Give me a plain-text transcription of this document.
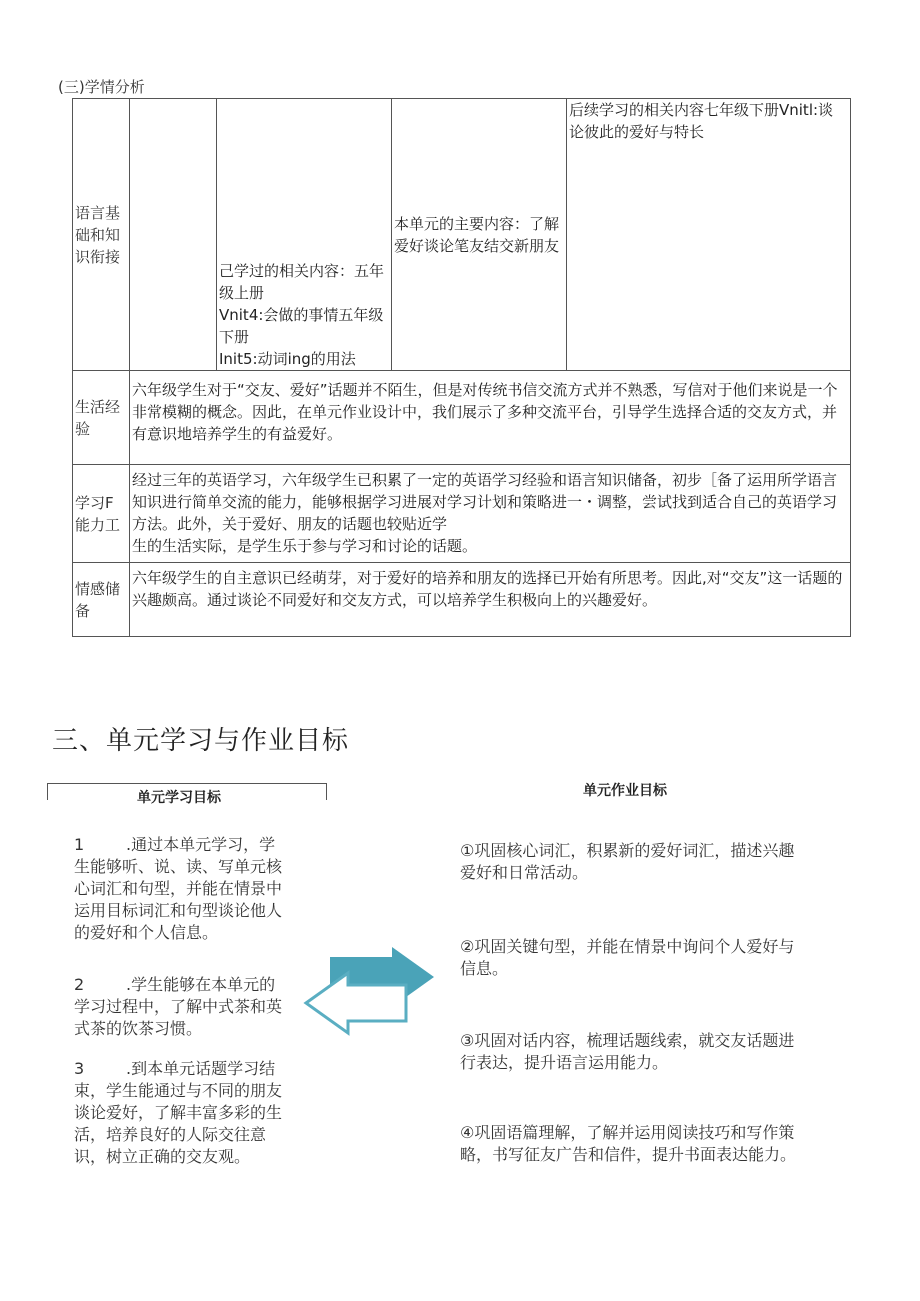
(三)学情分析
语言基础和知识衔接		己学过的相关内容：五年级上册
Vnit4:会做的事情五年级下册
Init5:动词ing的用法	本单元的主要内容：了解爱好谈论笔友结交新朋友	后续学习的相关内容七年级下册Vnitl:谈论彼此的爱好与特长
生活经验	六年级学生对于“交友、爱好”话题并不陌生，但是对传统书信交流方式并不熟悉，写信对于他们来说是一个非常模糊的概念。因此，在单元作业设计中，我们展示了多种交流平台，引导学生选择合适的交友方式，并有意识地培养学生的有益爱好。			
学习F能力工	经过三年的英语学习，六年级学生已积累了一定的英语学习经验和语言知识储备，初步［备了运用所学语言知识进行简单交流的能力，能够根据学习进展对学习计划和策略进一・调整，尝试找到适合自己的英语学习方法。此外，关于爱好、朋友的话题也较贴近学
生的生活实际，是学生乐于参与学习和讨论的话题。			

情感储备	六年级学生的自主意识已经萌芽，对于爱好的培养和朋友的选择已开始有所思考。因此,对“交友”这一话题的兴趣颇高。通过谈论不同爱好和交友方式，可以培养学生积极向上的兴趣爱好。			
三、单元学习与作业目标
单元学习目标	单元作业目标
1	.通过本单元学习，学生能够听、说、读、写单元核心词汇和句型，并能在情景中运用目标词汇和句型谈论他人的爱好和个人信息。
2	.学生能够在本单元的学习过程中，了解中式茶和英式茶的饮茶习惯。
3	.到本单元话题学习结束，学生能通过与不同的朋友谈论爱好，了解丰富多彩的生活，培养良好的人际交往意识，树立正确的交友观。
①巩固核心词汇，积累新的爱好词汇，描述兴趣爱好和日常活动。
②巩固关键句型，并能在情景中询问个人爱好与信息。
③巩固对话内容，梳理话题线索，就交友话题进行表达，提升语言运用能力。
④巩固语篇理解，了解并运用阅读技巧和写作策略，书写征友广告和信件，提升书面表达能力。
